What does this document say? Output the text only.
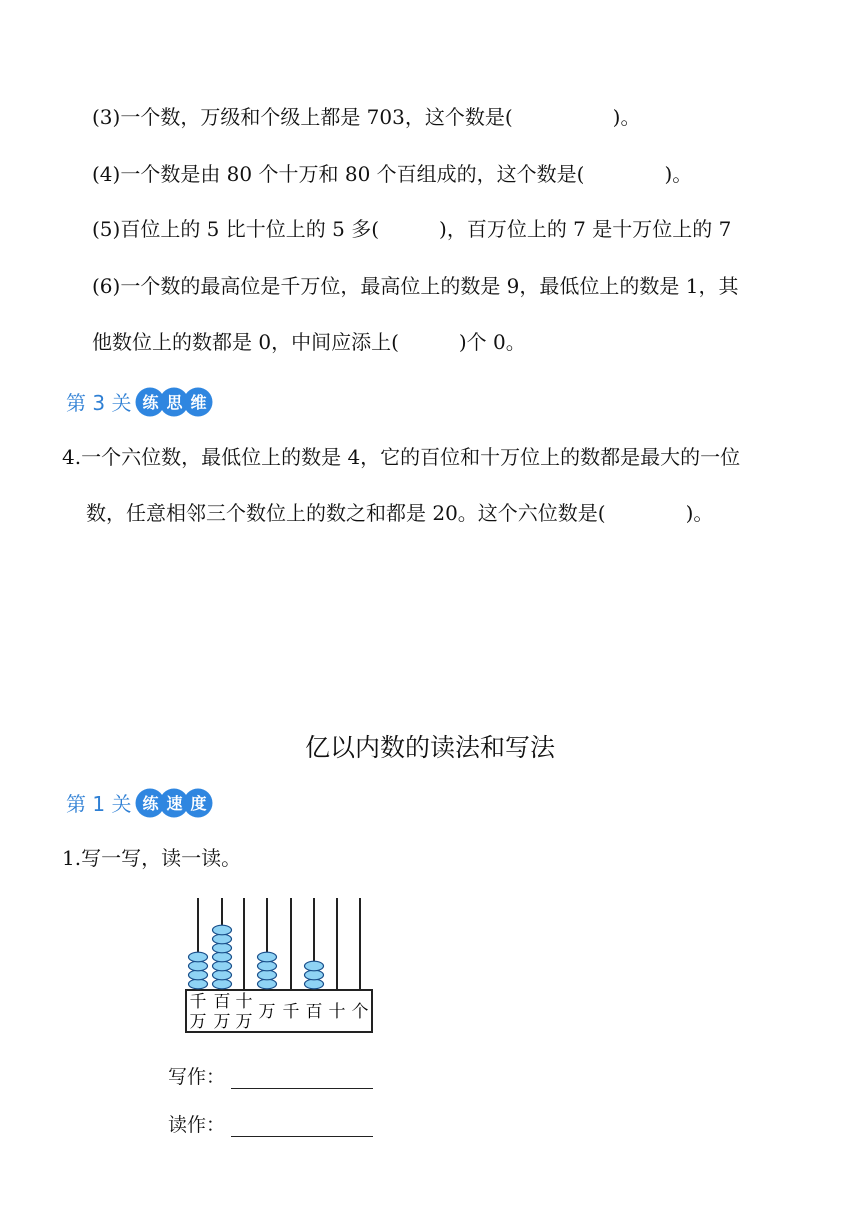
(3)一个数，万级和个级上都是 703，这个数是(　　　　　)。
(4)一个数是由 80 个十万和 80 个百组成的，这个数是(　　　　)。
(5)百位上的 5 比十位上的 5 多(　　　)，百万位上的 7 是十万位上的 7
(6)一个数的最高位是千万位，最高位上的数是 9，最低位上的数是 1，其
他数位上的数都是 0，中间应添上(　　　)个 0。
第 3 关 练 思 维
4.一个六位数，最低位上的数是 4，它的百位和十万位上的数都是最大的一位
数，任意相邻三个数位上的数之和都是 20。这个六位数是(　　　　)。
亿以内数的读法和写法
第 1 关 练 速 度
1.写一写，读一读。
千
万
百
万
十
万 万 千 百 十 个
写作：
读作：
